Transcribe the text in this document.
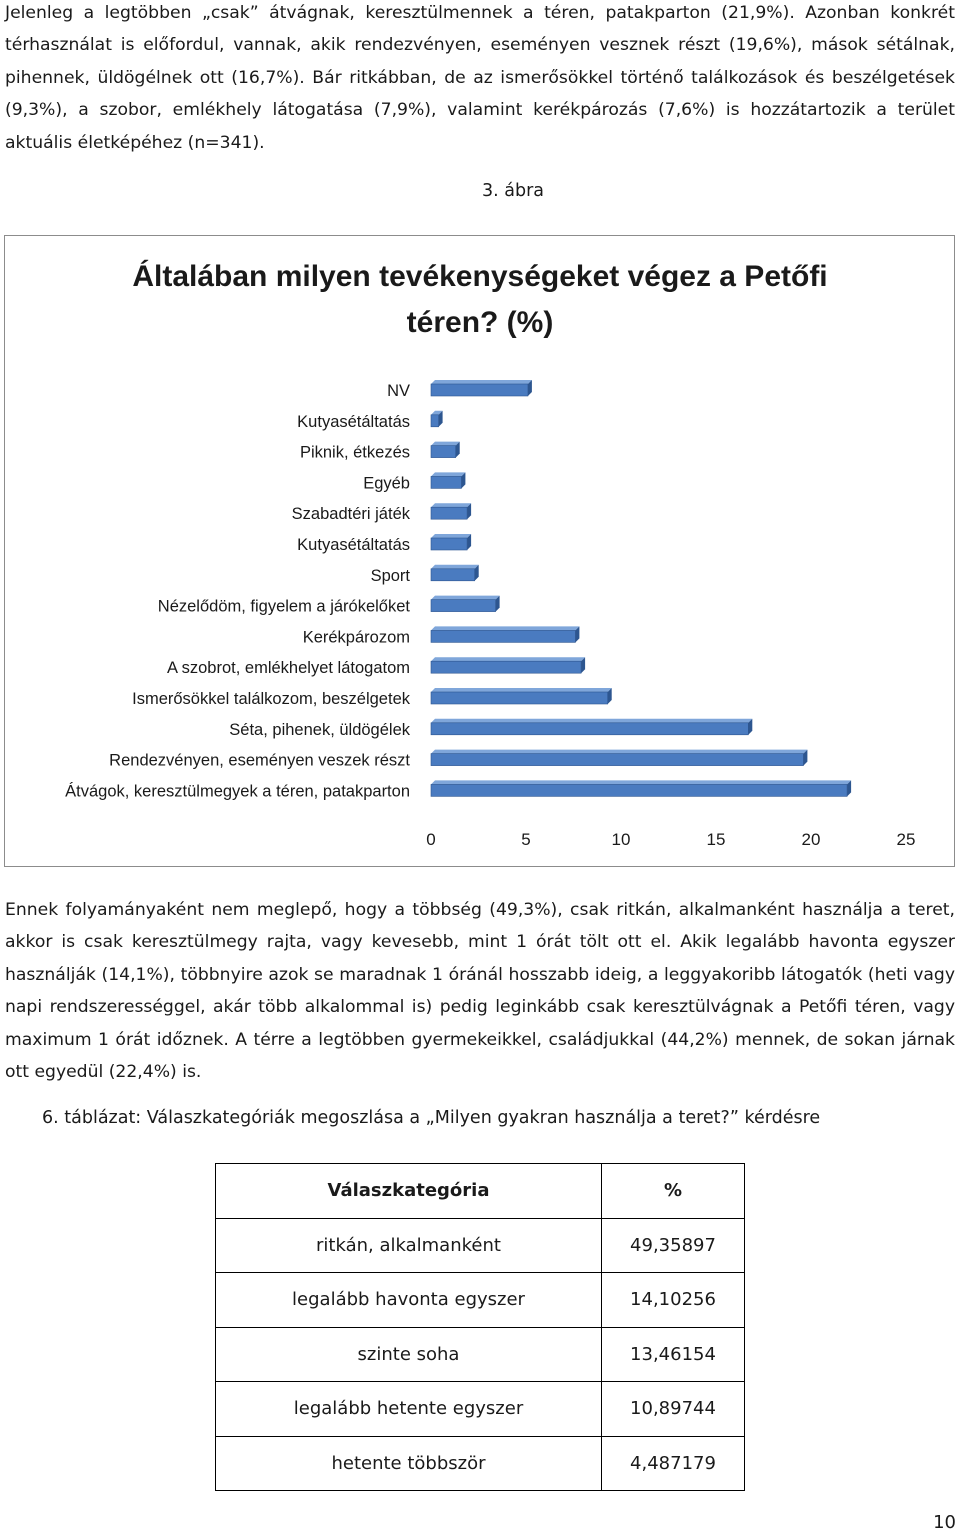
Jelenleg a legtöbben „csak” átvágnak, keresztülmennek a téren, patakparton (21,9%). Azonban konkrét térhasználat is előfordul, vannak, akik rendezvényen, eseményen vesznek részt (19,6%), mások sétálnak, pihennek, üldögélnek ott (16,7%). Bár ritkábban, de az ismerősökkel történő találkozások és beszélgetések (9,3%), a szobor, emlékhely látogatása (7,9%), valamint kerékpározás (7,6%) is hozzátartozik a terület aktuális életképéhez (n=341).
3. ábra
Általában milyen tevékenységeket végez a Petőfi
téren? (%)
NV
Kutyasétáltatás
Piknik, étkezés
Egyéb
Szabadtéri játék
Kutyasétáltatás
Sport
Nézelődöm, figyelem a járókelőket
Kerékpározom
A szobrot, emlékhelyet látogatom
Ismerősökkel találkozom, beszélgetek
Séta, pihenek, üldögélek
Rendezvényen, eseményen veszek részt
Átvágok, keresztülmegyek a téren, patakparton
0	5	10	15	20	25
Ennek folyamányaként nem meglepő, hogy a többség (49,3%), csak ritkán, alkalmanként használja a teret, akkor is csak keresztülmegy rajta, vagy kevesebb, mint 1 órát tölt ott el. Akik legalább havonta egyszer használják (14,1%), többnyire azok se maradnak 1 óránál hosszabb ideig, a leggyakoribb látogatók (heti vagy napi rendszerességgel, akár több alkalommal is) pedig leginkább csak keresztülvágnak a Petőfi téren, vagy maximum 1 órát időznek. A térre a legtöbben gyermekeikkel, családjukkal (44,2%) mennek, de sokan járnak ott egyedül (22,4%) is.
6. táblázat: Válaszkategóriák megoszlása a „Milyen gyakran használja a teret?” kérdésre
Válaszkategória	%
ritkán, alkalmanként	49,35897
legalább havonta egyszer	14,10256
szinte soha	13,46154
legalább hetente egyszer	10,89744
hetente többször	4,487179
10
